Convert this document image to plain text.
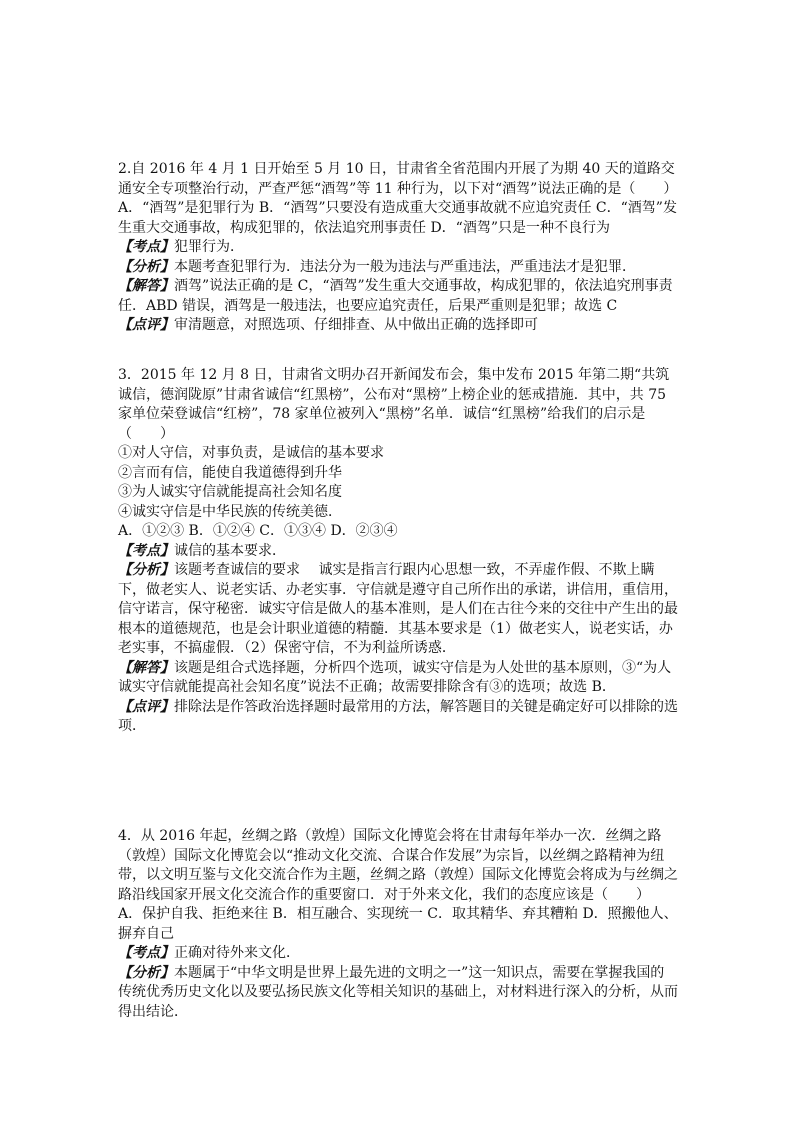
2.自 2016 年 4 月 1 日开始至 5 月 10 日，甘肃省全省范围内开展了为期 40 天的道路交通安全专项整治行动，严查严惩“酒驾”等 11 种行为，以下对“酒驾”说法正确的是（　　）

A．“酒驾”是犯罪行为 B．“酒驾”只要没有造成重大交通事故就不应追究责任 C．“酒驾”发生重大交通事故，构成犯罪的，依法追究刑事责任 D．“酒驾”只是一种不良行为

【考点】犯罪行为．

【分析】本题考查犯罪行为．违法分为一般为违法与严重违法，严重违法才是犯罪．

【解答】酒驾”说法正确的是 C，“酒驾”发生重大交通事故，构成犯罪的，依法追究刑事责任．ABD 错误，酒驾是一般违法，也要应追究责任，后果严重则是犯罪；故选 C

【点评】审清题意，对照选项、仔细排查、从中做出正确的选择即可

3．2015 年 12 月 8 日，甘肃省文明办召开新闻发布会，集中发布 2015 年第二期“共筑诚信，德润陇原”甘肃省诚信“红黑榜”，公布对“黑榜”上榜企业的惩戒措施．其中，共 75 家单位荣登诚信“红榜”，78 家单位被列入“黑榜”名单．诚信“红黑榜”给我们的启示是（　　）

①对人守信，对事负责，是诚信的基本要求

②言而有信，能使自我道德得到升华

③为人诚实守信就能提高社会知名度

④诚实守信是中华民族的传统美德．

A．①②③ B．①②④ C．①③④ D．②③④

【考点】诚信的基本要求．

【分析】该题考查诚信的要求　 诚实是指言行跟内心思想一致，不弄虚作假、不欺上瞒下，做老实人、说老实话、办老实事．守信就是遵守自己所作出的承诺，讲信用，重信用，信守诺言，保守秘密．诚实守信是做人的基本准则，是人们在古往今来的交往中产生出的最根本的道德规范，也是会计职业道德的精髓．其基本要求是（1）做老实人，说老实话，办老实事，不搞虚假．（2）保密守信，不为利益所诱惑．

【解答】该题是组合式选择题，分析四个选项，诚实守信是为人处世的基本原则，③“为人诚实守信就能提高社会知名度”说法不正确；故需要排除含有③的选项；故选 B．

【点评】排除法是作答政治选择题时最常用的方法，解答题目的关键是确定好可以排除的选项．

4．从 2016 年起，丝绸之路（敦煌）国际文化博览会将在甘肃每年举办一次．丝绸之路（敦煌）国际文化博览会以“推动文化交流、合谋合作发展”为宗旨，以丝绸之路精神为纽带，以文明互鉴与文化交流合作为主题，丝绸之路（敦煌）国际文化博览会将成为与丝绸之路沿线国家开展文化交流合作的重要窗口．对于外来文化，我们的态度应该是（　　）

A．保护自我、拒绝来往 B．相互融合、实现统一 C．取其精华、弃其糟粕 D．照搬他人、摒弃自己

【考点】正确对待外来文化．

【分析】本题属于“中华文明是世界上最先进的文明之一”这一知识点，需要在掌握我国的传统优秀历史文化以及要弘扬民族文化等相关知识的基础上，对材料进行深入的分析，从而得出结论．
